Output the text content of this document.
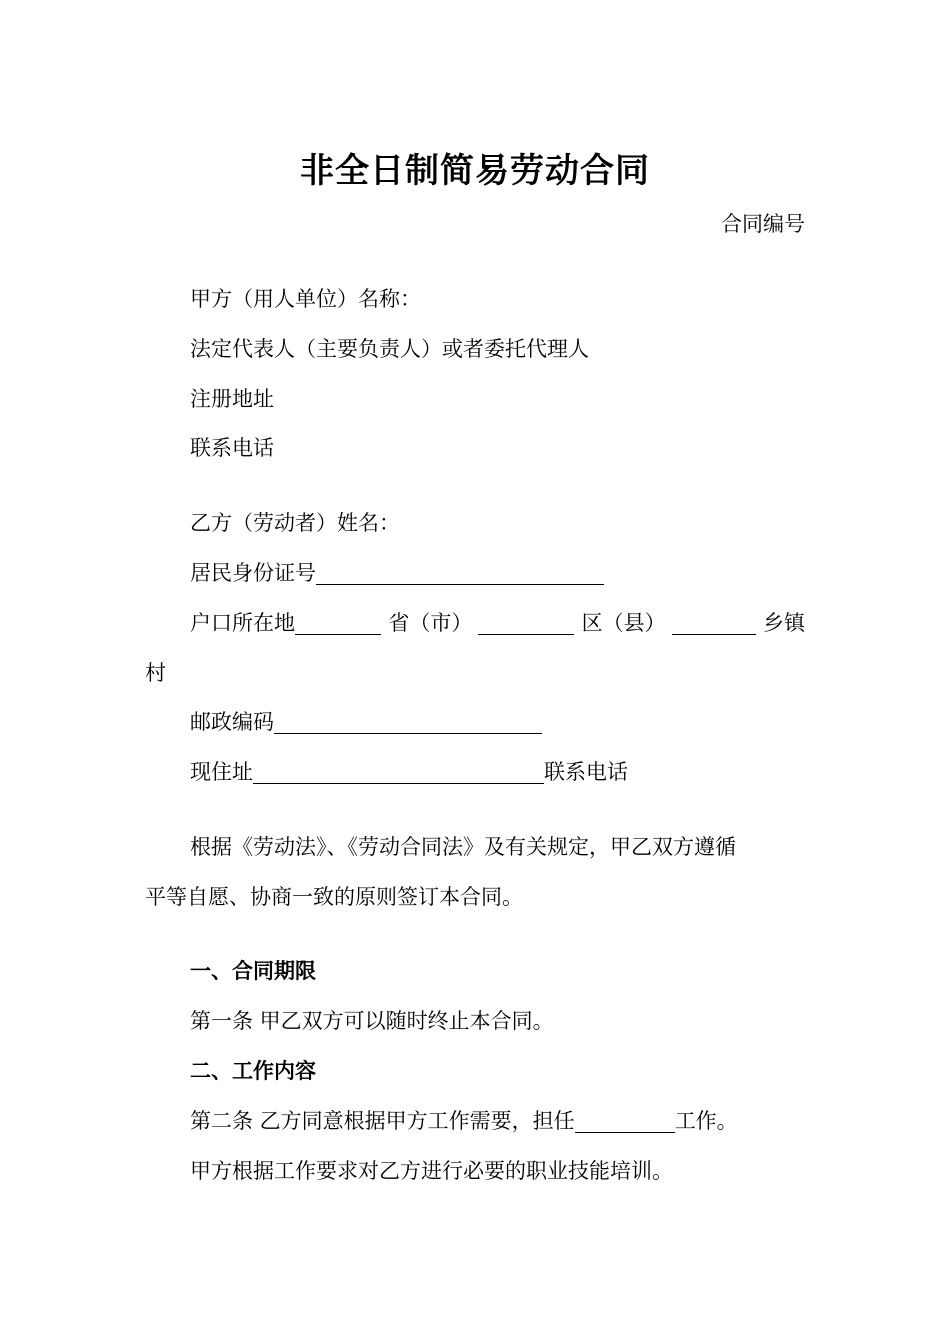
非全日制简易劳动合同
合同编号
甲方（用人单位）名称：
法定代表人（主要负责人）或者委托代理人
注册地址
联系电话
乙方（劳动者）姓名：
居民身份证号
户口所在地	省（市）	区（县）	乡镇
村
邮政编码
现住址	联系电话
根据《劳动法》、《劳动合同法》及有关规定，甲乙双方遵循
平等自愿、协商一致的原则签订本合同。
一、合同期限
第一条 甲乙双方可以随时终止本合同。
二、工作内容
第二条 乙方同意根据甲方工作需要，担任	工作。
甲方根据工作要求对乙方进行必要的职业技能培训。
